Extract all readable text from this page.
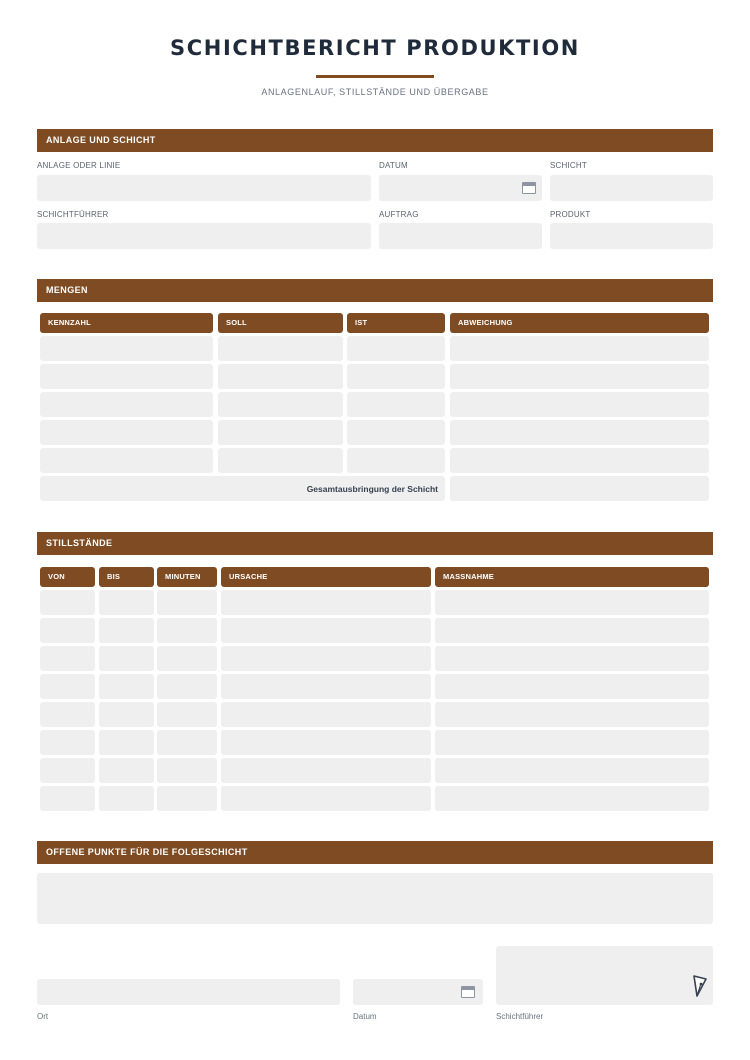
SCHICHTBERICHT PRODUKTION
ANLAGENLAUF, STILLSTÄNDE UND ÜBERGABE
ANLAGE UND SCHICHT
ANLAGE ODER LINIE	DATUM	SCHICHT
SCHICHTFÜHRER	AUFTRAG	PRODUKT
MENGEN
KENNZAHL	SOLL	IST	ABWEICHUNG
Gesamtausbringung der Schicht
STILLSTÄNDE
VON	BIS	MINUTEN	URSACHE	MASSNAHME
OFFENE PUNKTE FÜR DIE FOLGESCHICHT
Ort	Datum	Schichtführer
